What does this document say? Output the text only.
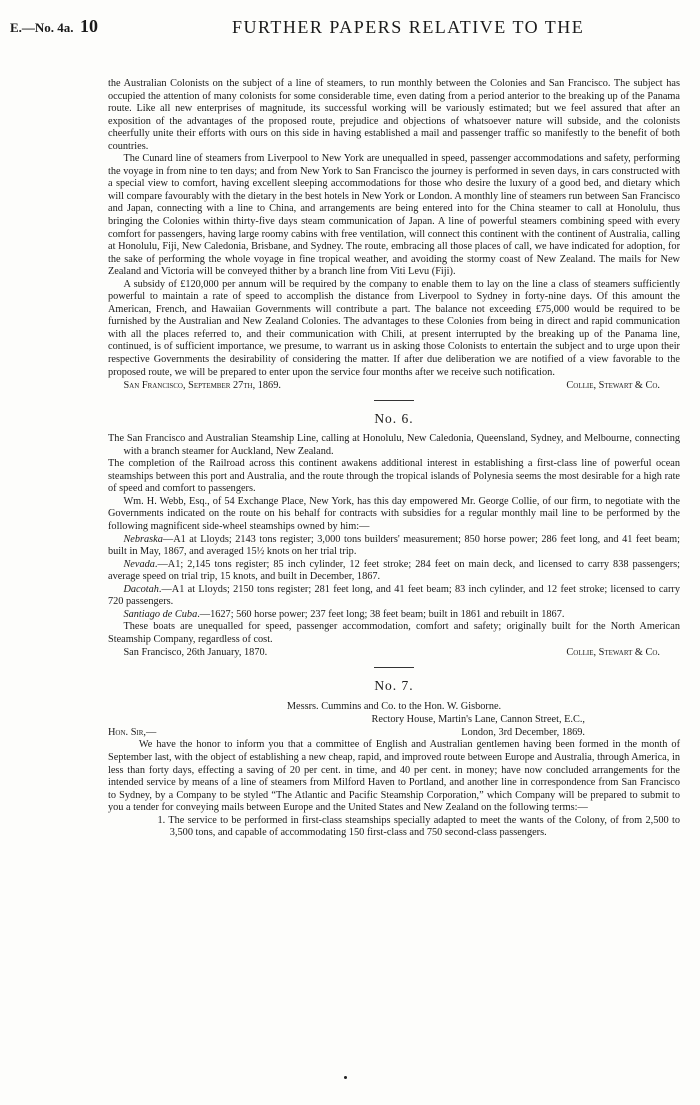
E.—No. 4a. 10	FURTHER PAPERS RELATIVE TO THE

the Australian Colonists on the subject of a line of steamers, to run monthly between the Colonies and San Francisco. The subject has occupied the attention of many colonists for some considerable time, even dating from a period anterior to the breaking up of the Panama route. Like all new enterprises of magnitude, its successful working will be variously estimated; but we feel assured that after an exposition of the advantages of the proposed route, prejudice and objections of whatsoever nature will subside, and the colonists cheerfully unite their efforts with ours on this side in having established a mail and passenger traffic so manifestly to the benefit of both countries.

The Cunard line of steamers from Liverpool to New York are unequalled in speed, passenger accommodations and safety, performing the voyage in from nine to ten days; and from New York to San Francisco the journey is performed in seven days, in cars constructed with a special view to comfort, having excellent sleeping accommodations for those who desire the luxury of a good bed, and dietary which will compare favourably with the dietary in the best hotels in New York or London. A monthly line of steamers run between San Francisco and Japan, connecting with a line to China, and arrangements are being entered into for the China steamer to call at Honolulu, thus bringing the Colonies within thirty-five days steam communication of Japan. A line of powerful steamers combining speed with every comfort for passengers, having large roomy cabins with free ventilation, will connect this continent with the continent of Australia, calling at Honolulu, Fiji, New Caledonia, Brisbane, and Sydney. The route, embracing all those places of call, we have indicated for adoption, for the sake of performing the whole voyage in fine tropical weather, and avoiding the stormy coast of New Zealand. The mails for New Zealand and Victoria will be conveyed thither by a branch line from Viti Levu (Fiji).

A subsidy of £120,000 per annum will be required by the company to enable them to lay on the line a class of steamers sufficiently powerful to maintain a rate of speed to accomplish the distance from Liverpool to Sydney in forty-nine days. Of this amount the American, French, and Hawaiian Governments will contribute a part. The balance not exceeding £75,000 would be required to be furnished by the Australian and New Zealand Colonies. The advantages to these Colonies from being in direct and rapid communication with all the places referred to, and their communication with Chili, at present interrupted by the breaking up of the Panama line, continued, is of sufficient importance, we presume, to warrant us in asking those Colonists to entertain the subject and to urge upon their respective Governments the desirability of considering the matter. If after due deliberation we are notified of a view favorable to the proposed route, we will be prepared to enter upon the service four months after we receive such notification.

San Francisco, September 27th, 1869.	Collie, Stewart & Co.
No. 6.

The San Francisco and Australian Steamship Line, calling at Honolulu, New Caledonia, Queensland, Sydney, and Melbourne, connecting with a branch steamer for Auckland, New Zealand.

The completion of the Railroad across this continent awakens additional interest in establishing a first-class line of powerful ocean steamships between this port and Australia, and the route through the tropical islands of Polynesia seems the most desirable for a high rate of speed and comfort to passengers.

Wm. H. Webb, Esq., of 54 Exchange Place, New York, has this day empowered Mr. George Collie, of our firm, to negotiate with the Governments indicated on the route on his behalf for contracts with subsidies for a regular monthly mail line to be performed by the following magnificent side-wheel steamships owned by him:—

Nebraska—A1 at Lloyds; 2143 tons register; 3,000 tons builders' measurement; 850 horse power; 286 feet long, and 41 feet beam; built in May, 1867, and averaged 15½ knots on her trial trip.

Nevada.—A1; 2,145 tons register; 85 inch cylinder, 12 feet stroke; 284 feet on main deck, and licensed to carry 838 passengers; average speed on trial trip, 15 knots, and built in December, 1867.

Dacotah.—A1 at Lloyds; 2150 tons register; 281 feet long, and 41 feet beam; 83 inch cylinder, and 12 feet stroke; licensed to carry 720 passengers.

Santiago de Cuba.—1627; 560 horse power; 237 feet long; 38 feet beam; built in 1861 and rebuilt in 1867.

These boats are unequalled for speed, passenger accommodation, comfort and safety; originally built for the North American Steamship Company, regardless of cost.

San Francisco, 26th January, 1870.	Collie, Stewart & Co.
No. 7.
Messrs. Cummins and Co. to the Hon. W. Gisborne.
Rectory House, Martin's Lane, Cannon Street, E.C.,
Hon. Sir,—	London, 3rd December, 1869.

We have the honor to inform you that a committee of English and Australian gentlemen having been formed in the month of September last, with the object of establishing a new cheap, rapid, and improved route between Europe and Australia, through America, in less than forty days, effecting a saving of 20 per cent. in time, and 40 per cent. in money; have now concluded arrangements for the intended service by means of a line of steamers from Milford Haven to Portland, and another line in correspondence from San Francisco to Sydney, by a Company to be styled “The Atlantic and Pacific Steamship Corporation,” which Company will be prepared to submit to you a tender for conveying mails between Europe and the United States and New Zealand on the following terms:—

1. The service to be performed in first-class steamships specially adapted to meet the wants of the Colony, of from 2,500 to 3,500 tons, and capable of accommodating 150 first-class and 750 second-class passengers.
